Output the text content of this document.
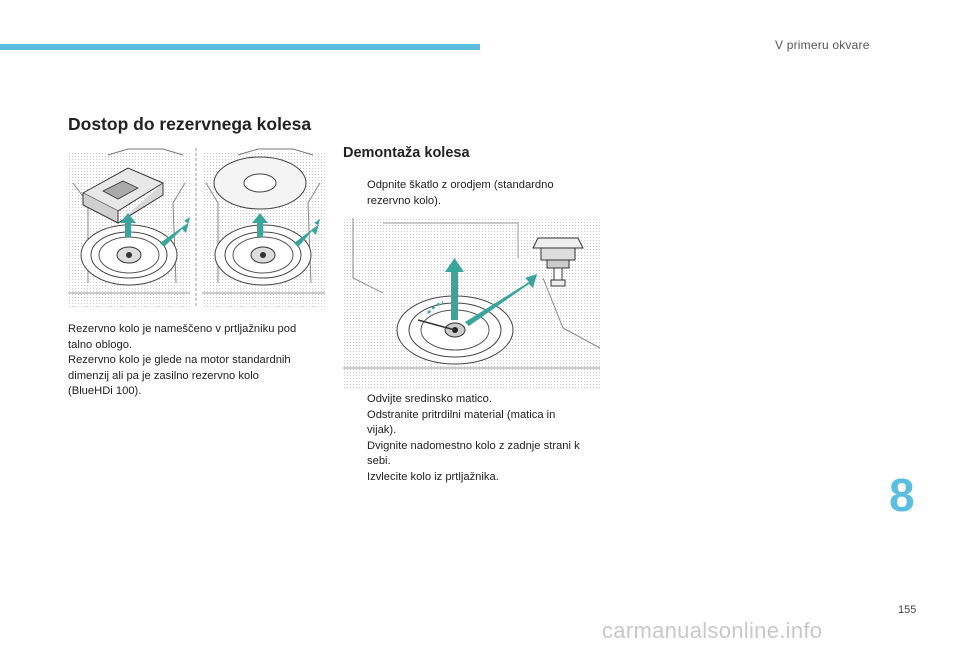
V primeru okvare
Dostop do rezervnega kolesa
Rezervno kolo je nameščeno v prtljažniku pod
talno oblogo.
Rezervno kolo je glede na motor standardnih
dimenzij ali pa je zasilno rezervno kolo
(BlueHDi 100).
Demontaža kolesa
Odpnite škatlo z orodjem (standardno
rezervno kolo).
Odvijte sredinsko matico.
Odstranite pritrdilni material (matica in
vijak).
Dvignite nadomestno kolo z zadnje strani k
sebi.
Izvlecite kolo iz prtljažnika.	8
155
carmanualsonline.info
